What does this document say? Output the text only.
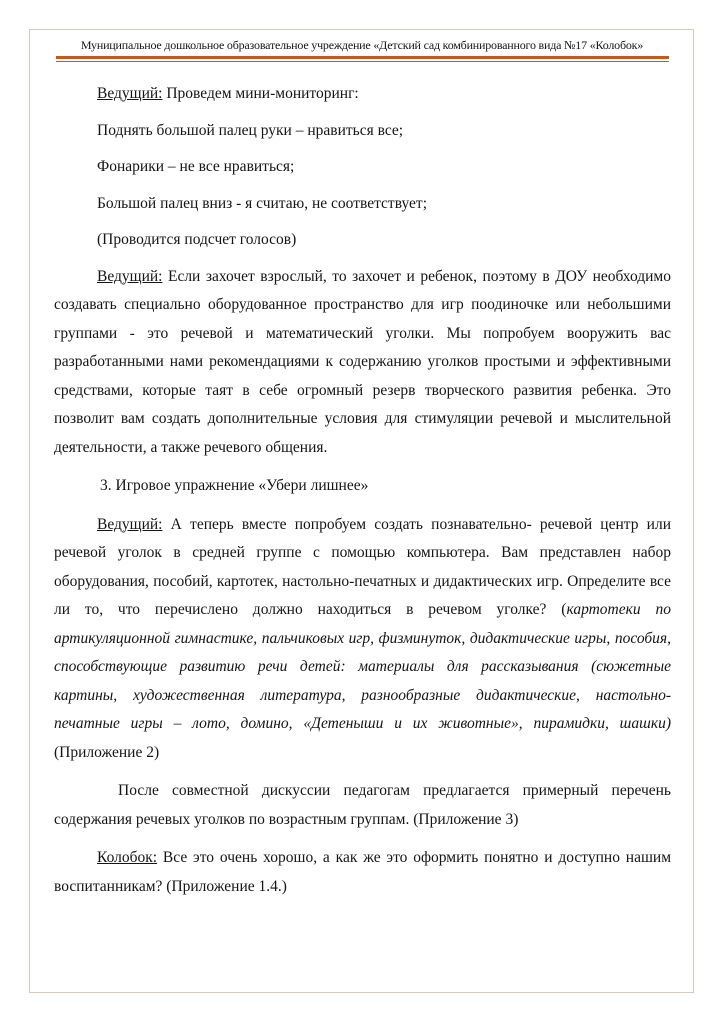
Муниципальное дошкольное образовательное учреждение «Детский сад комбинированного вида №17 «Колобок»

Ведущий: Проведем мини-мониторинг:

Поднять большой палец руки – нравиться все;

Фонарики – не все нравиться;

Большой палец вниз - я считаю, не соответствует;

(Проводится подсчет голосов)

Ведущий: Если захочет взрослый, то захочет и ребенок, поэтому в ДОУ необходимо создавать специально оборудованное пространство для игр поодиночке или небольшими группами - это речевой и математический уголки. Мы попробуем вооружить вас разработанными нами рекомендациями к содержанию уголков простыми и эффективными средствами, которые таят в себе огромный резерв творческого развития ребенка. Это позволит вам создать дополнительные условия для стимуляции речевой и мыслительной деятельности, а также речевого общения.

3. Игровое упражнение «Убери лишнее»

Ведущий: А теперь вместе попробуем создать познавательно- речевой центр или речевой уголок в средней группе с помощью компьютера. Вам представлен набор оборудования, пособий, картотек, настольно-печатных и дидактических игр. Определите все ли то, что перечислено должно находиться в речевом уголке? (картотеки по артикуляционной гимнастике, пальчиковых игр, физминуток, дидактические игры, пособия, способствующие развитию речи детей: материалы для рассказывания (сюжетные картины, художественная литература, разнообразные дидактические, настольно-печатные игры – лото, домино, «Детеныши и их животные», пирамидки, шашки) (Приложение 2)

После совместной дискуссии педагогам предлагается примерный перечень содержания речевых уголков по возрастным группам. (Приложение 3)

Колобок: Все это очень хорошо, а как же это оформить понятно и доступно нашим воспитанникам? (Приложение 1.4.)
